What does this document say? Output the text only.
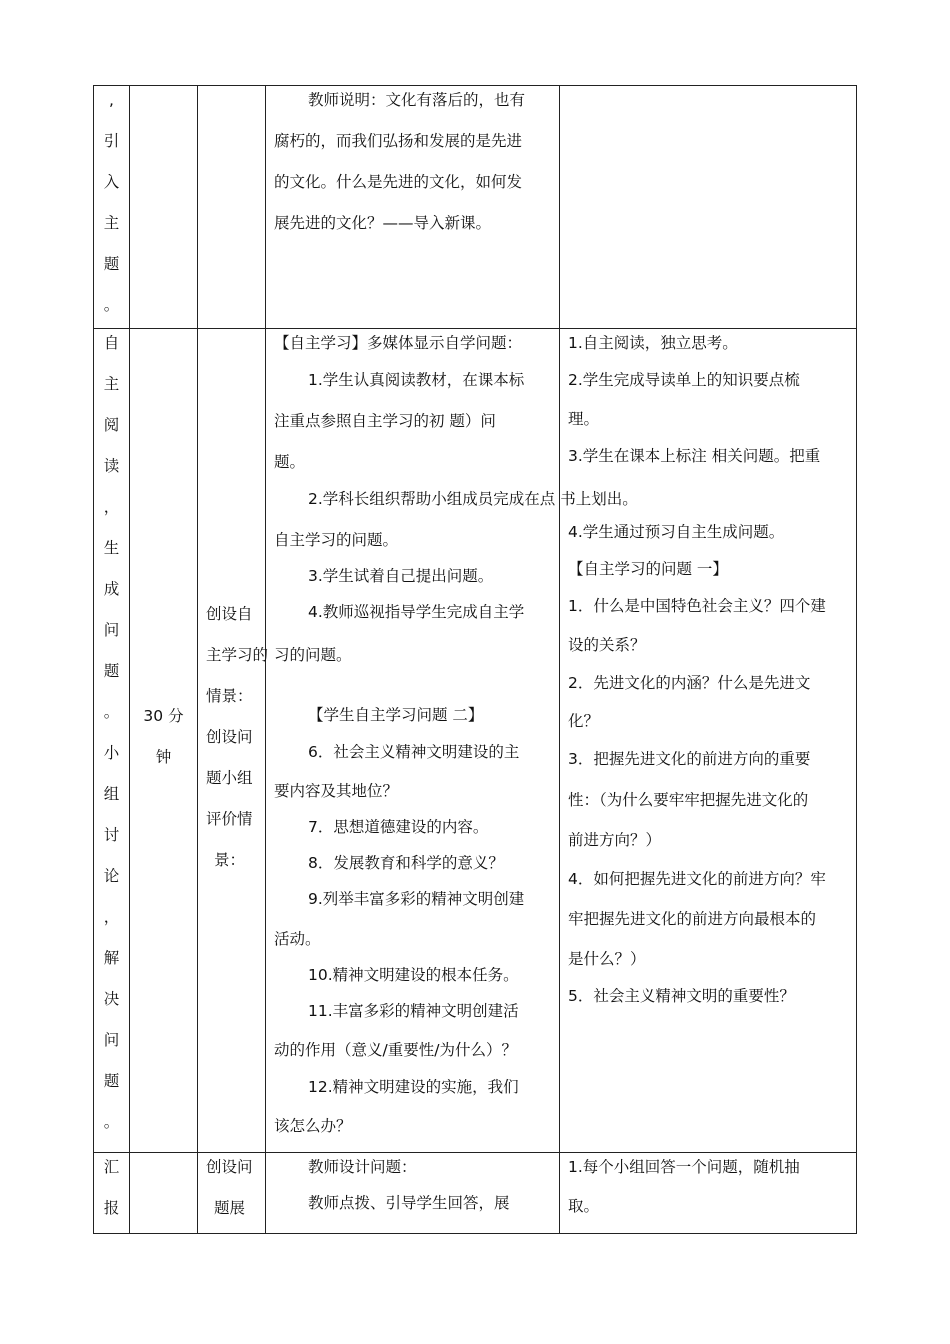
,
引
入
主
题
。
教师说明：文化有落后的，也有
腐朽的，而我们弘扬和发展的是先进
的文化。什么是先进的文化，如何发
展先进的文化？——导入新课。
自
主
阅
读
，
生
成
问
题
。
小
组
讨
论
，
解
决
问
题
。
30 分
钟
创设自
主学习的
情景：
创设问
题小组
评价情
景：
【自主学习】多媒体显示自学问题：
1.学生认真阅读教材，在课本标
注重点参照自主学习的初 题）问
题。
2.学科长组织帮助小组成员完成在点 书上划出。
自主学习的问题。
3.学生试着自己提出问题。
4.教师巡视指导学生完成自主学
习的问题。
【学生自主学习问题 二】
6．社会主义精神文明建设的主
要内容及其地位？
7．思想道德建设的内容。
8．发展教育和科学的意义？
9.列举丰富多彩的精神文明创建
活动。
10.精神文明建设的根本任务。
11.丰富多彩的精神文明创建活
动的作用（意义/重要性/为什么）？
12.精神文明建设的实施，我们
该怎么办？
1.自主阅读，独立思考。
2.学生完成导读单上的知识要点梳
理。
3.学生在课本上标注 相关问题。把重
4.学生通过预习自主生成问题。
【自主学习的问题 一】
1．什么是中国特色社会主义？四个建
设的关系？
2．先进文化的内涵？什么是先进文
化？
3．把握先进文化的前进方向的重要
性：（为什么要牢牢把握先进文化的
前进方向？）
4．如何把握先进文化的前进方向？牢
牢把握先进文化的前进方向最根本的
是什么？）
5．社会主义精神文明的重要性？
汇
报
创设问
题展
教师设计问题：
教师点拨、引导学生回答，展
1.每个小组回答一个问题，随机抽
取。
